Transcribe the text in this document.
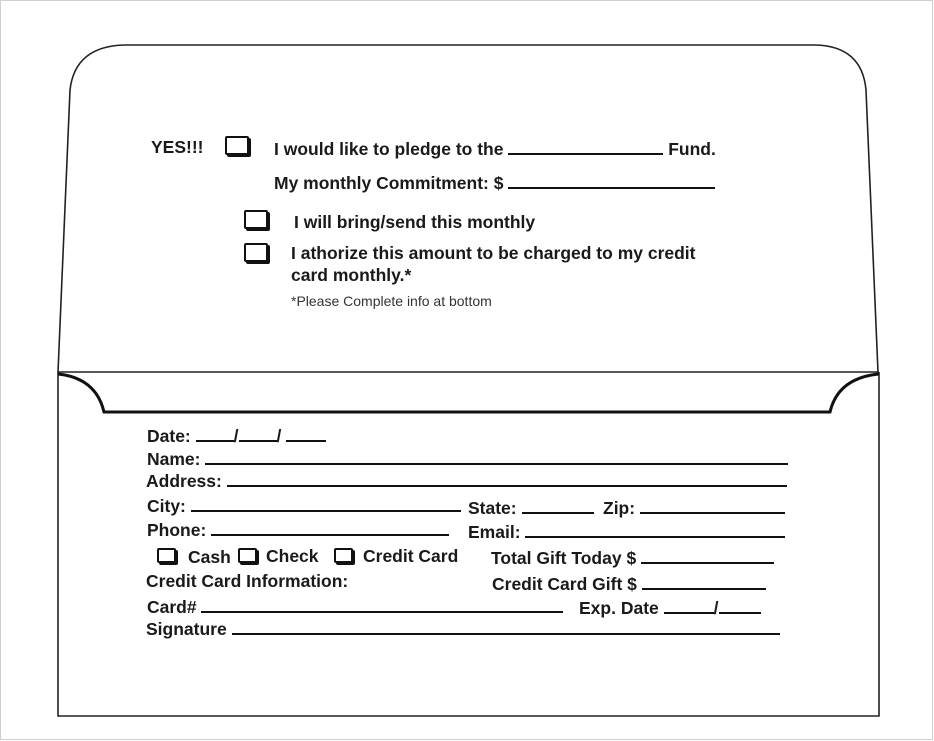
YES!!!	I would like to pledge to the	Fund.
My monthly Commitment: $
I will bring/send this monthly
I athorize this amount to be charged to my credit
card monthly.*
*Please Complete info at bottom
Date: / /
Name:
Address:
City:	State:	Zip:
Phone:	Email:
Cash Check	Credit Card Total Gift Today $
Credit Card Information:	Credit Card Gift $
Card#	Exp. Date	/
Signature
